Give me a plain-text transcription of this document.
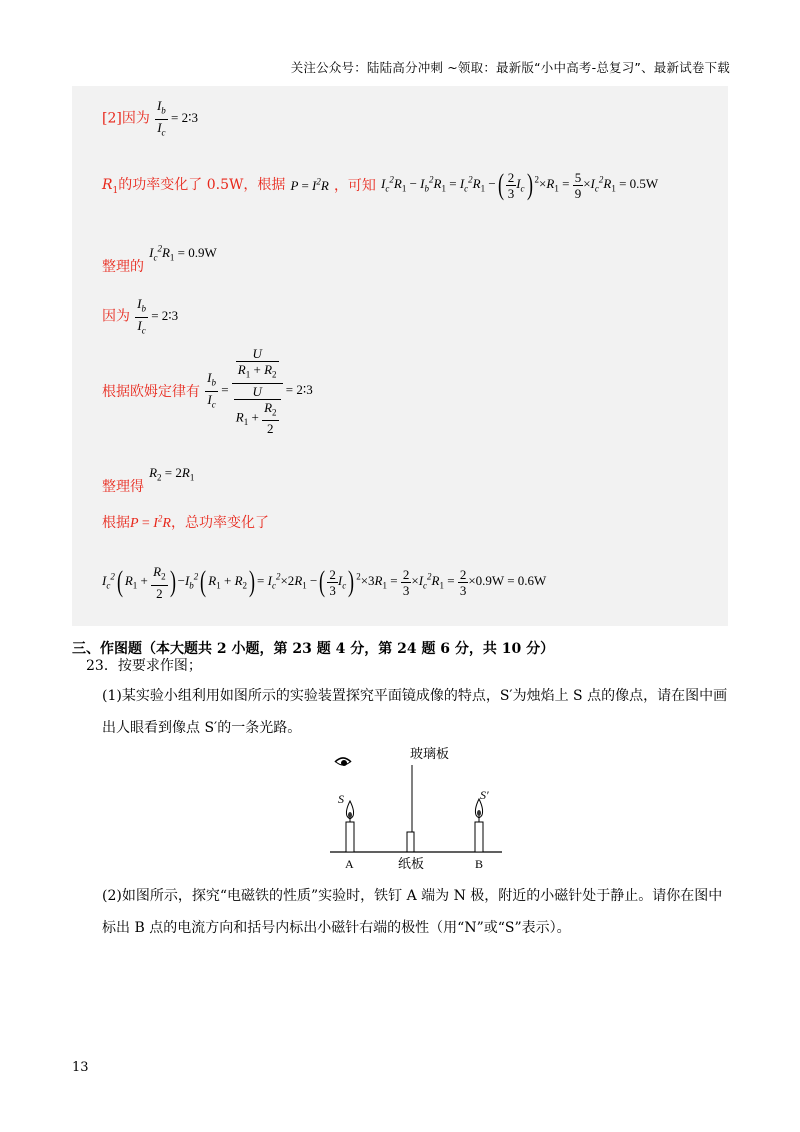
关注公众号：陆陆高分冲刺 ~领取：最新版“小中高考-总复习”、最新试卷下载
[2]因为 $\frac{I_b}{I_c}$ = 2∶3
$R_1$的功率变化了 0.5W，根据 $P = I^2R$ ，可知 $I_c^2R_1 - I_b^2R_1 = I_c^2R_1$ −( $\frac{2}{3} I_c$) $^2\times R_1 = \frac{5}{9} \times I_c^2R_1 = 0.5W$
整理的 $I_c^2R_1 = 0.9W$
因为 $\frac{I_b}{I_c}$ = 2∶3
根据欧姆定律有 $\frac{I_b}{I_c} = \frac{\frac{U}{R_1 + R_2}}{\frac{U}{R_1 + \frac{R_2}{2}}}$ = 2∶3
整理得 $R_2 = 2R_1$
根据$P = I^2R$，总功率变化了
$I_c^2$( $R_1 + \frac{R_2}{2}$ ) $-I_b^2$( $R_1 + R_2) = I_c^2\times 2R_1$ −( $\frac{2}{3} I_c$) $^2\times 3R_1 = \frac{2}{3} \times I_c^2R_1 = \frac{2}{3} \times 0.9W = 0.6W$
三、作图题（本大题共 2 小题，第 23 题 4 分，第 24 题 6 分，共 10 分）
23．按要求作图；
(1)某实验小组利用如图所示的实验装置探究平面镜成像的特点，S′为烛焰上 S 点的像点，请在图中画
出人眼看到像点 S′的一条光路。
玻璃板
S	S′
A	纸板	B
(2)如图所示，探究“电磁铁的性质”实验时，铁钉 A 端为 N 极，附近的小磁针处于静止。请你在图中
标出 B 点的电流方向和括号内标出小磁针右端的极性（用“N”或“S”表示）。
13
